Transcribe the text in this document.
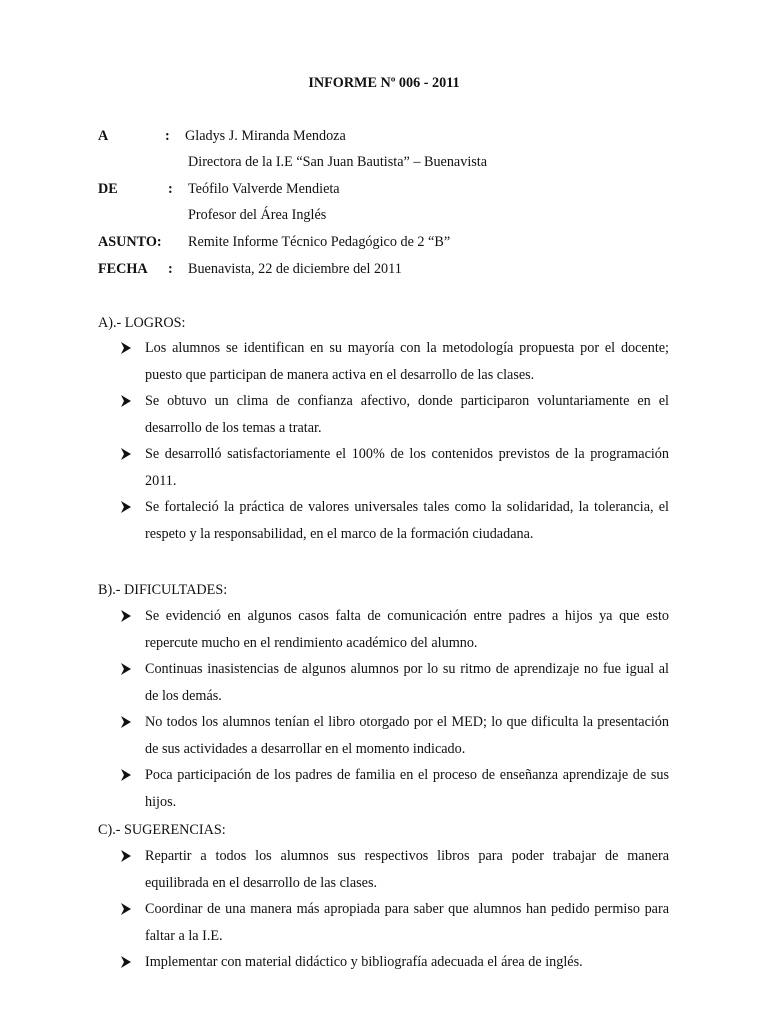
INFORME Nº 006 - 2011
A	: Gladys J. Miranda Mendoza
Directora de la I.E “San Juan Bautista” – Buenavista
DE	: Teófilo Valverde Mendieta
Profesor del Área Inglés
ASUNTO: Remite Informe Técnico Pedagógico de 2 “B”
FECHA : Buenavista, 22 de diciembre del 2011
A).- LOGROS:
Los alumnos se identifican en su mayoría con la metodología propuesta por el docente; puesto que participan de manera activa en el desarrollo de las clases.
Se obtuvo un clima de confianza afectivo, donde participaron voluntariamente en el desarrollo de los temas a tratar.
Se desarrolló satisfactoriamente el 100% de los contenidos previstos de la programación 2011.
Se fortaleció la práctica de valores universales tales como la solidaridad, la tolerancia, el respeto y la responsabilidad, en el marco de la formación ciudadana.
B).- DIFICULTADES:
Se evidenció en algunos casos falta de comunicación entre padres a hijos ya que esto repercute mucho en el rendimiento académico del alumno.
Continuas inasistencias de algunos alumnos por lo su ritmo de aprendizaje no fue igual al de los demás.
No todos los alumnos tenían el libro otorgado por el MED; lo que dificulta la presentación de sus actividades a desarrollar en el momento indicado.
Poca participación de los padres de familia en el proceso de enseñanza aprendizaje de sus hijos.
C).- SUGERENCIAS:
Repartir a todos los alumnos sus respectivos libros para poder trabajar de manera equilibrada en el desarrollo de las clases.
Coordinar de una manera más apropiada para saber que alumnos han pedido permiso para faltar a la I.E.
Implementar con material didáctico y bibliografía adecuada el área de inglés.
